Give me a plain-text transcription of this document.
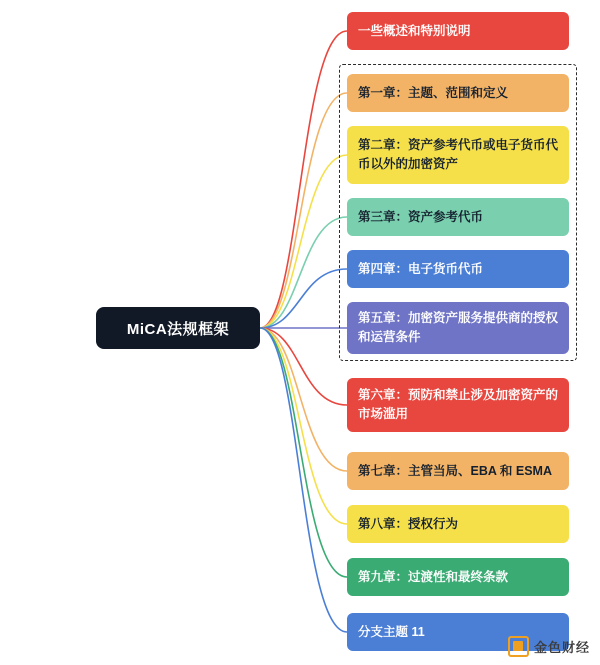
MiCA法规框架
一些概述和特别说明
第一章：主题、范围和定义
第二章：资产参考代币或电子货币代币以外的加密资产
第三章：资产参考代币
第四章：电子货币代币
第五章：加密资产服务提供商的授权和运营条件
第六章：预防和禁止涉及加密资产的市场滥用
第七章：主管当局、EBA 和 ESMA
第八章：授权行为
第九章：过渡性和最终条款
分支主题 11
金色财经
